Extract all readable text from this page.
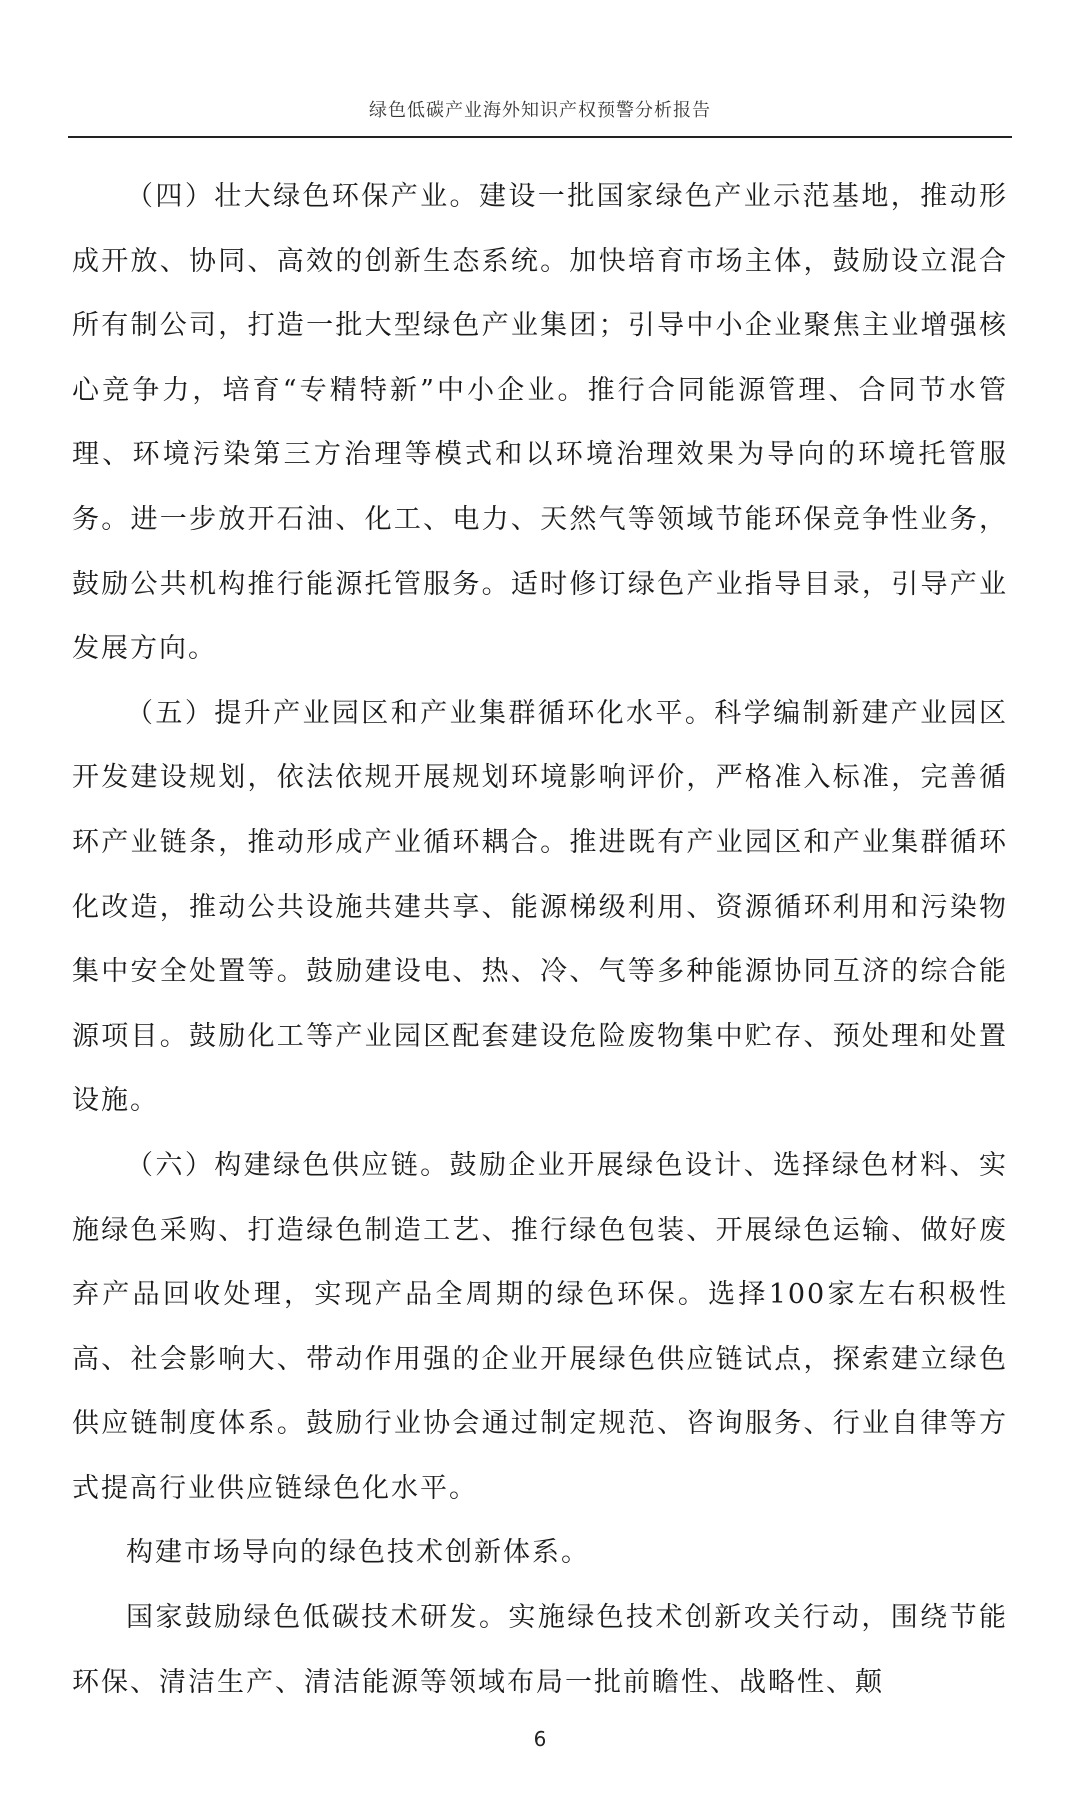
绿色低碳产业海外知识产权预警分析报告

（四）壮大绿色环保产业。建设一批国家绿色产业示范基地，推动形成开放、协同、高效的创新生态系统。加快培育市场主体，鼓励设立混合所有制公司，打造一批大型绿色产业集团；引导中小企业聚焦主业增强核心竞争力，培育“专精特新”中小企业。推行合同能源管理、合同节水管理、环境污染第三方治理等模式和以环境治理效果为导向的环境托管服务。进一步放开石油、化工、电力、天然气等领域节能环保竞争性业务，鼓励公共机构推行能源托管服务。适时修订绿色产业指导目录，引导产业发展方向。

（五）提升产业园区和产业集群循环化水平。科学编制新建产业园区开发建设规划，依法依规开展规划环境影响评价，严格准入标准，完善循环产业链条，推动形成产业循环耦合。推进既有产业园区和产业集群循环化改造，推动公共设施共建共享、能源梯级利用、资源循环利用和污染物集中安全处置等。鼓励建设电、热、冷、气等多种能源协同互济的综合能源项目。鼓励化工等产业园区配套建设危险废物集中贮存、预处理和处置设施。

（六）构建绿色供应链。鼓励企业开展绿色设计、选择绿色材料、实施绿色采购、打造绿色制造工艺、推行绿色包装、开展绿色运输、做好废弃产品回收处理，实现产品全周期的绿色环保。选择100家左右积极性高、社会影响大、带动作用强的企业开展绿色供应链试点，探索建立绿色供应链制度体系。鼓励行业协会通过制定规范、咨询服务、行业自律等方式提高行业供应链绿色化水平。

构建市场导向的绿色技术创新体系。

国家鼓励绿色低碳技术研发。实施绿色技术创新攻关行动，围绕节能环保、清洁生产、清洁能源等领域布局一批前瞻性、战略性、颠

6
